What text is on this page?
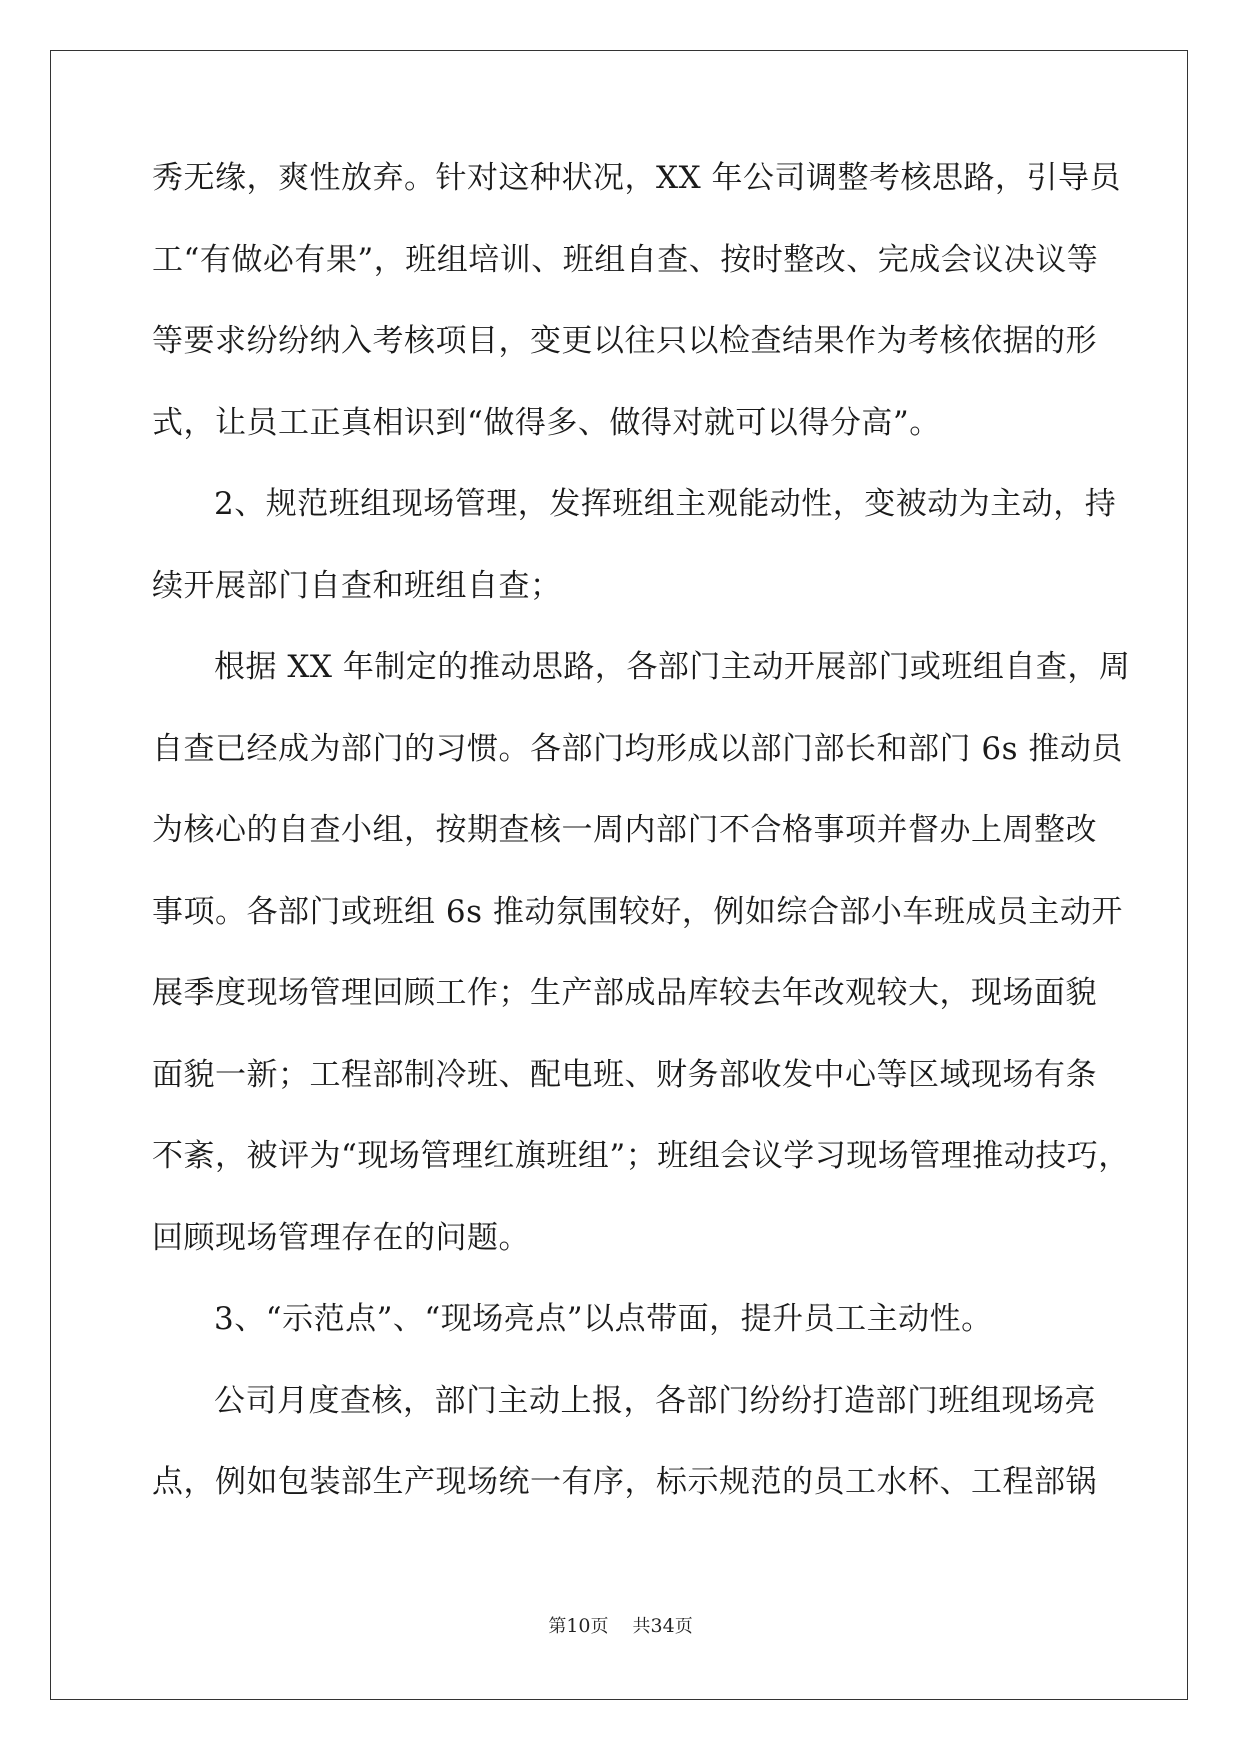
秀无缘，爽性放弃。针对这种状况，XX 年公司调整考核思路，引导员
工“有做必有果”，班组培训、班组自查、按时整改、完成会议决议等
等要求纷纷纳入考核项目，变更以往只以检查结果作为考核依据的形
式，让员工正真相识到“做得多、做得对就可以得分高”。
2、规范班组现场管理，发挥班组主观能动性，变被动为主动，持
续开展部门自查和班组自查；
根据 XX 年制定的推动思路，各部门主动开展部门或班组自查，周
自查已经成为部门的习惯。各部门均形成以部门部长和部门 6s 推动员
为核心的自查小组，按期查核一周内部门不合格事项并督办上周整改
事项。各部门或班组 6s 推动氛围较好，例如综合部小车班成员主动开
展季度现场管理回顾工作；生产部成品库较去年改观较大，现场面貌
面貌一新；工程部制冷班、配电班、财务部收发中心等区域现场有条
不紊，被评为“现场管理红旗班组”；班组会议学习现场管理推动技巧，
回顾现场管理存在的问题。
3、“示范点”、“现场亮点”以点带面，提升员工主动性。
公司月度查核，部门主动上报，各部门纷纷打造部门班组现场亮
点，例如包装部生产现场统一有序，标示规范的员工水杯、工程部锅
第10页 共34页
